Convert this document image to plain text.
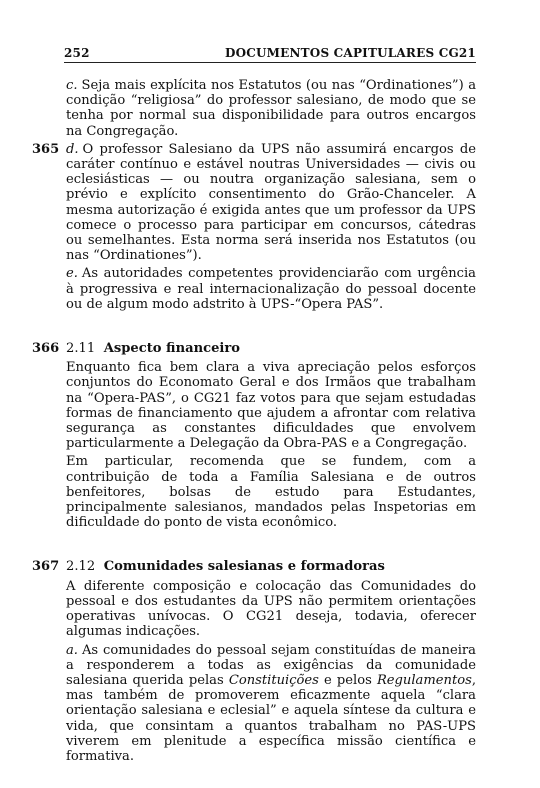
252	DOCUMENTOS CAPITULARES CG21

c. Seja mais explícita nos Estatutos (ou nas “Ordinationes”) a condição “religiosa” do professor salesiano, de modo que se tenha por normal sua disponibilidade para outros encargos na Congregação.

365 d. O professor Salesiano da UPS não assumirá encargos de caráter contínuo e estável noutras Universidades — civis ou eclesiásticas — ou noutra organização salesiana, sem o prévio e explícito consentimento do Grão-Chanceler. A mesma autorização é exigida antes que um professor da UPS comece o processo para participar em concursos, cátedras ou semelhantes. Esta norma será inserida nos Estatutos (ou nas “Ordinationes”).

e. As autoridades competentes providenciarão com urgência à progressiva e real internacionalização do pessoal docente ou de algum modo adstrito à UPS-“Opera PAS”.

366 2.11 Aspecto financeiro

Enquanto fica bem clara a viva apreciação pelos esforços conjuntos do Economato Geral e dos Irmãos que trabalham na “Opera-PAS”, o CG21 faz votos para que sejam estudadas formas de financiamento que ajudem a afrontar com relativa segurança as constantes dificuldades que envolvem particularmente a Delegação da Obra-PAS e a Congregação.

Em particular, recomenda que se fundem, com a contribuição de toda a Família Salesiana e de outros benfeitores, bolsas de estudo para Estudantes, principalmente salesianos, mandados pelas Inspetorias em dificuldade do ponto de vista econômico.

367 2.12 Comunidades salesianas e formadoras

A diferente composição e colocação das Comunidades do pessoal e dos estudantes da UPS não permitem orientações operativas unívocas. O CG21 deseja, todavia, oferecer algumas indicações.

a. As comunidades do pessoal sejam constituídas de maneira a responderem a todas as exigências da comunidade salesiana querida pelas Constituições e pelos Regulamentos, mas também de promoverem eficazmente aquela “clara orientação salesiana e eclesial” e aquela síntese da cultura e vida, que consintam a quantos trabalham no PAS-UPS viverem em plenitude a específica missão científica e formativa.
